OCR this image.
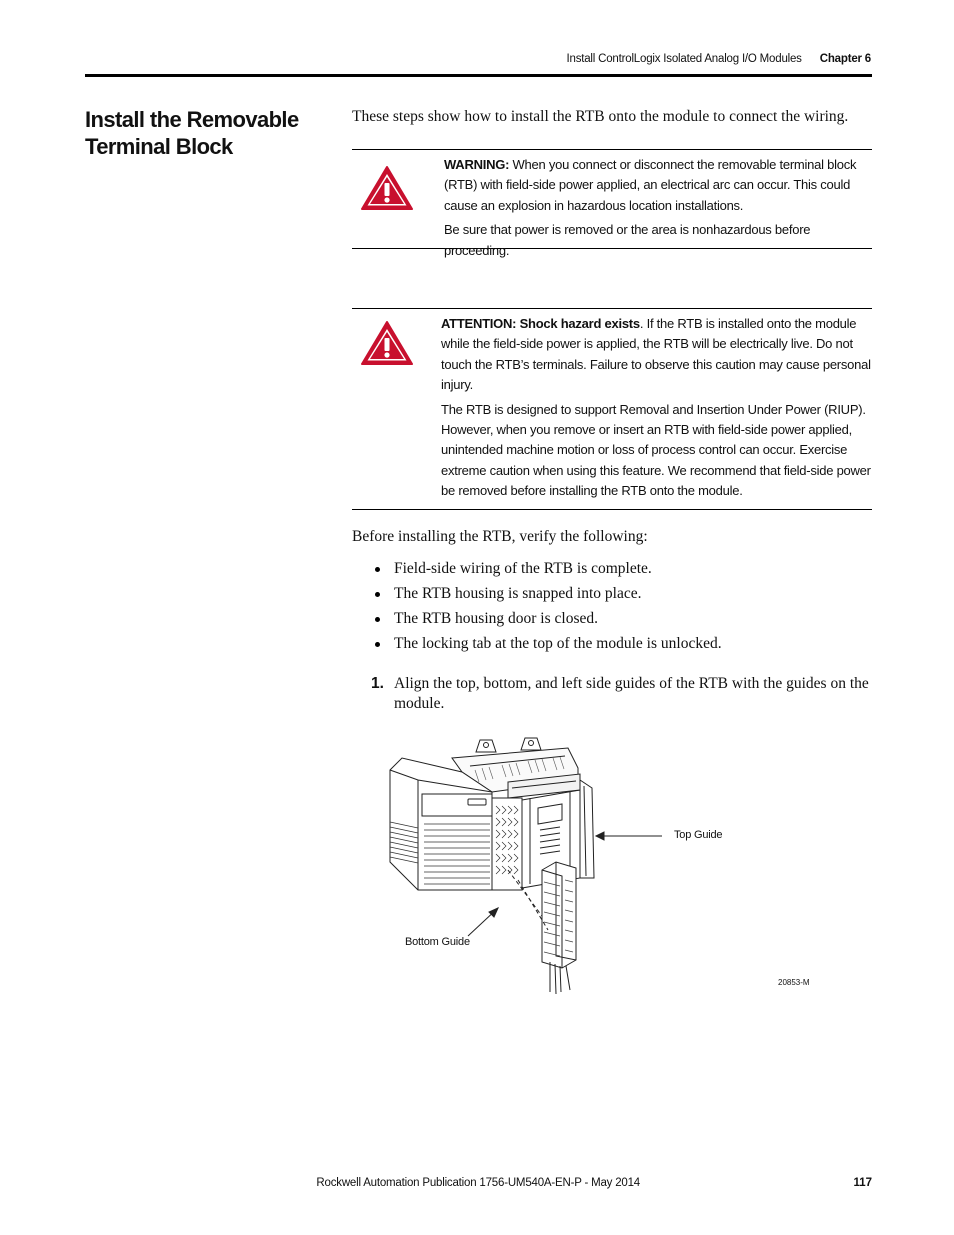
Install ControlLogix Isolated Analog I/O Modules Chapter 6
Install the Removable Terminal Block
These steps show how to install the RTB onto the module to connect the wiring.

WARNING: When you connect or disconnect the removable terminal block (RTB) with field-side power applied, an electrical arc can occur. This could cause an explosion in hazardous location installations.

Be sure that power is removed or the area is nonhazardous before proceeding.

ATTENTION: Shock hazard exists. If the RTB is installed onto the module while the field-side power is applied, the RTB will be electrically live. Do not touch the RTB’s terminals. Failure to observe this caution may cause personal injury.

The RTB is designed to support Removal and Insertion Under Power (RIUP). However, when you remove or insert an RTB with field-side power applied, unintended machine motion or loss of process control can occur. Exercise extreme caution when using this feature. We recommend that field-side power be removed before installing the RTB onto the module.

Before installing the RTB, verify the following:
Field-side wiring of the RTB is complete.
The RTB housing is snapped into place.
The RTB housing door is closed.
The locking tab at the top of the module is unlocked.
1. Align the top, bottom, and left side guides of the RTB with the guides on the module.
Top Guide
Bottom Guide
20853-M
Rockwell Automation Publication 1756-UM540A-EN-P - May 2014	117
